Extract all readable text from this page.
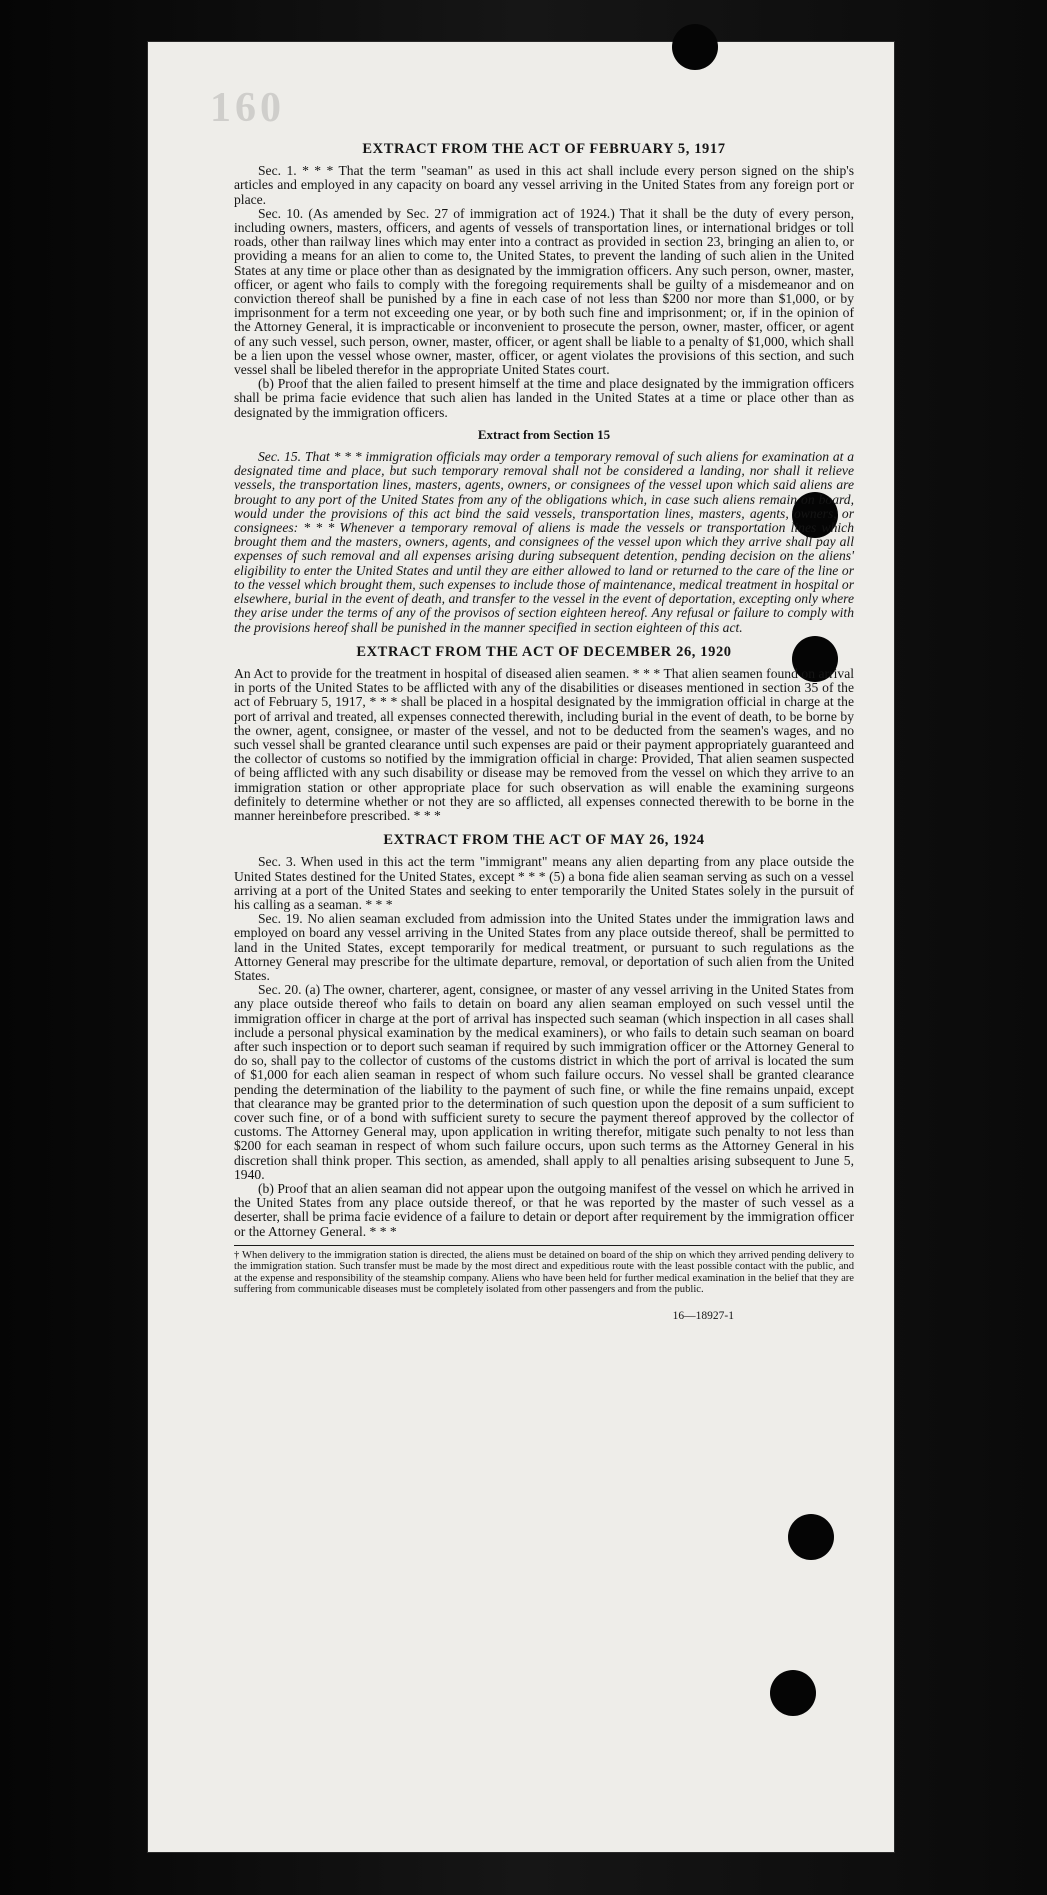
160
EXTRACT FROM THE ACT OF FEBRUARY 5, 1917

Sec. 1. * * * That the term "seaman" as used in this act shall include every person signed on the ship's articles and employed in any capacity on board any vessel arriving in the United States from any foreign port or place.

Sec. 10. (As amended by Sec. 27 of immigration act of 1924.) That it shall be the duty of every person, including owners, masters, officers, and agents of vessels of transportation lines, or international bridges or toll roads, other than railway lines which may enter into a contract as provided in section 23, bringing an alien to, or providing a means for an alien to come to, the United States, to prevent the landing of such alien in the United States at any time or place other than as designated by the immigration officers. Any such person, owner, master, officer, or agent who fails to comply with the foregoing requirements shall be guilty of a misdemeanor and on conviction thereof shall be punished by a fine in each case of not less than $200 nor more than $1,000, or by imprisonment for a term not exceeding one year, or by both such fine and imprisonment; or, if in the opinion of the Attorney General, it is impracticable or inconvenient to prosecute the person, owner, master, officer, or agent of any such vessel, such person, owner, master, officer, or agent shall be liable to a penalty of $1,000, which shall be a lien upon the vessel whose owner, master, officer, or agent violates the provisions of this section, and such vessel shall be libeled therefor in the appropriate United States court.

(b) Proof that the alien failed to present himself at the time and place designated by the immigration officers shall be prima facie evidence that such alien has landed in the United States at a time or place other than as designated by the immigration officers.

Extract from Section 15

Sec. 15. That * * * immigration officials may order a temporary removal of such aliens for examination at a designated time and place, but such temporary removal shall not be considered a landing, nor shall it relieve vessels, the transportation lines, masters, agents, owners, or consignees of the vessel upon which said aliens are brought to any port of the United States from any of the obligations which, in case such aliens remain on board, would under the provisions of this act bind the said vessels, transportation lines, masters, agents, owners, or consignees: * * * Whenever a temporary removal of aliens is made the vessels or transportation lines which brought them and the masters, owners, agents, and consignees of the vessel upon which they arrive shall pay all expenses of such removal and all expenses arising during subsequent detention, pending decision on the aliens' eligibility to enter the United States and until they are either allowed to land or returned to the care of the line or to the vessel which brought them, such expenses to include those of maintenance, medical treatment in hospital or elsewhere, burial in the event of death, and transfer to the vessel in the event of deportation, excepting only where they arise under the terms of any of the provisos of section eighteen hereof. Any refusal or failure to comply with the provisions hereof shall be punished in the manner specified in section eighteen of this act.

EXTRACT FROM THE ACT OF DECEMBER 26, 1920

An Act to provide for the treatment in hospital of diseased alien seamen. * * * That alien seamen found on arrival in ports of the United States to be afflicted with any of the disabilities or diseases mentioned in section 35 of the act of February 5, 1917, * * * shall be placed in a hospital designated by the immigration official in charge at the port of arrival and treated, all expenses connected therewith, including burial in the event of death, to be borne by the owner, agent, consignee, or master of the vessel, and not to be deducted from the seamen's wages, and no such vessel shall be granted clearance until such expenses are paid or their payment appropriately guaranteed and the collector of customs so notified by the immigration official in charge: Provided, That alien seamen suspected of being afflicted with any such disability or disease may be removed from the vessel on which they arrive to an immigration station or other appropriate place for such observation as will enable the examining surgeons definitely to determine whether or not they are so afflicted, all expenses connected therewith to be borne in the manner hereinbefore prescribed. * * *

EXTRACT FROM THE ACT OF MAY 26, 1924

Sec. 3. When used in this act the term "immigrant" means any alien departing from any place outside the United States destined for the United States, except * * * (5) a bona fide alien seaman serving as such on a vessel arriving at a port of the United States and seeking to enter temporarily the United States solely in the pursuit of his calling as a seaman. * * *

Sec. 19. No alien seaman excluded from admission into the United States under the immigration laws and employed on board any vessel arriving in the United States from any place outside thereof, shall be permitted to land in the United States, except temporarily for medical treatment, or pursuant to such regulations as the Attorney General may prescribe for the ultimate departure, removal, or deportation of such alien from the United States.

Sec. 20. (a) The owner, charterer, agent, consignee, or master of any vessel arriving in the United States from any place outside thereof who fails to detain on board any alien seaman employed on such vessel until the immigration officer in charge at the port of arrival has inspected such seaman (which inspection in all cases shall include a personal physical examination by the medical examiners), or who fails to detain such seaman on board after such inspection or to deport such seaman if required by such immigration officer or the Attorney General to do so, shall pay to the collector of customs of the customs district in which the port of arrival is located the sum of $1,000 for each alien seaman in respect of whom such failure occurs. No vessel shall be granted clearance pending the determination of the liability to the payment of such fine, or while the fine remains unpaid, except that clearance may be granted prior to the determination of such question upon the deposit of a sum sufficient to cover such fine, or of a bond with sufficient surety to secure the payment thereof approved by the collector of customs. The Attorney General may, upon application in writing therefor, mitigate such penalty to not less than $200 for each seaman in respect of whom such failure occurs, upon such terms as the Attorney General in his discretion shall think proper. This section, as amended, shall apply to all penalties arising subsequent to June 5, 1940.

(b) Proof that an alien seaman did not appear upon the outgoing manifest of the vessel on which he arrived in the United States from any place outside thereof, or that he was reported by the master of such vessel as a deserter, shall be prima facie evidence of a failure to detain or deport after requirement by the immigration officer or the Attorney General. * * *

† When delivery to the immigration station is directed, the aliens must be detained on board of the ship on which they arrived pending delivery to the immigration station. Such transfer must be made by the most direct and expeditious route with the least possible contact with the public, and at the expense and responsibility of the steamship company. Aliens who have been held for further medical examination in the belief that they are suffering from communicable diseases must be completely isolated from other passengers and from the public.
16—18927-1
